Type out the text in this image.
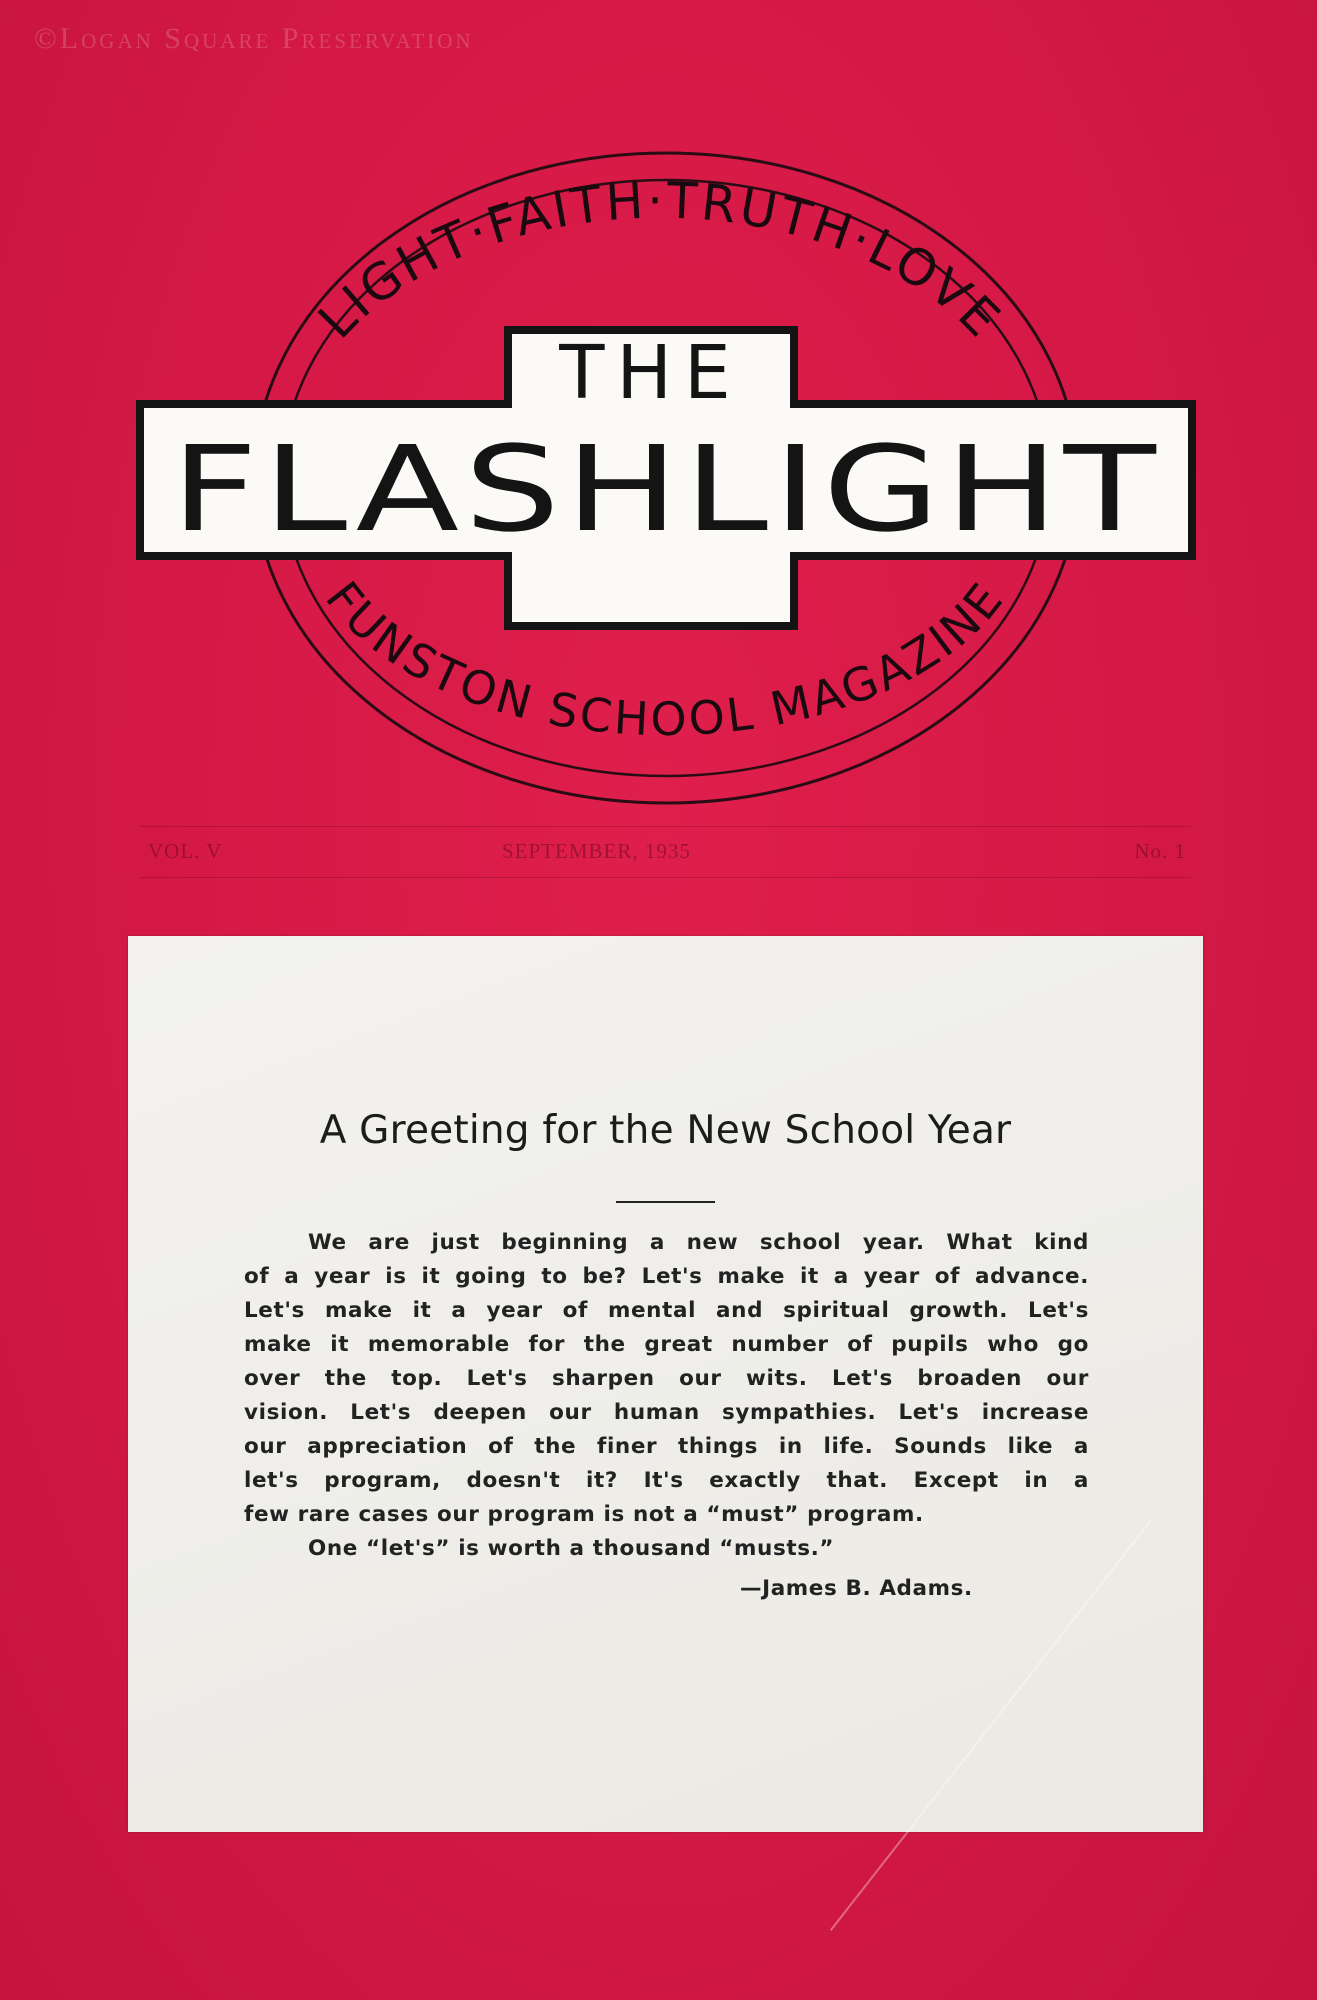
©Logan Square Preservation
LIGHT·FAITH·TRUTH·LOVE
FUNSTON SCHOOL MAGAZINE
THE
FLASHLIGHT
VOL. V	SEPTEMBER, 1935	No. 1
A Greeting for the New School Year
We are just beginning a new school year. What kind
of a year is it going to be? Let's make it a year of advance.
Let's make it a year of mental and spiritual growth. Let's
make it memorable for the great number of pupils who go
over the top. Let's sharpen our wits. Let's broaden our
vision. Let's deepen our human sympathies. Let's increase
our appreciation of the finer things in life. Sounds like a
let's program, doesn't it? It's exactly that. Except in a
few rare cases our program is not a “must” program.
One “let's” is worth a thousand “musts.”
—James B. Adams.
